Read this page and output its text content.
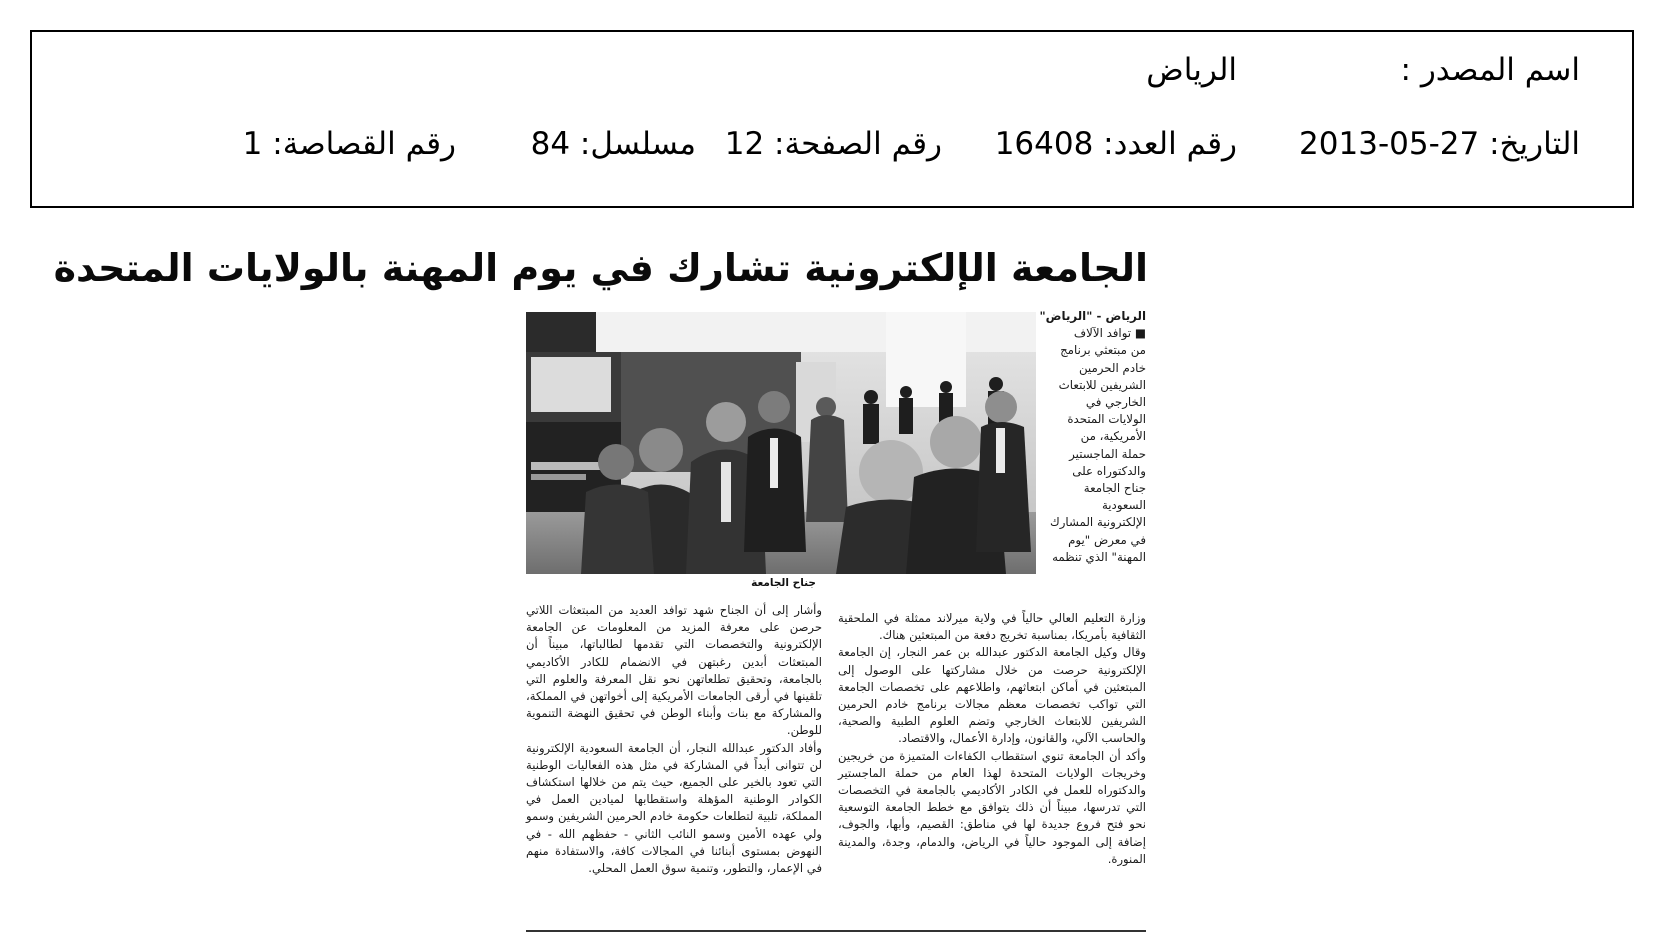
اسم المصدر :
الرياض
التاريخ: 27-05-2013
رقم العدد: 16408
رقم الصفحة: 12
مسلسل: 84
رقم القصاصة: 1
الجامعة الإلكترونية تشارك في يوم المهنة بالولايات المتحدة
جناح الجامعة
الرياض - "الرياض"
■ توافد الآلاف
من مبتعثي برنامج
خادم الحرمين
الشريفين للابتعاث
الخارجي في
الولايات المتحدة
الأمريكية، من
حملة الماجستير
والدكتوراه على
جناح الجامعة
السعودية
الإلكترونية المشارك
في معرض "يوم
المهنة" الذي تنظمه

وزارة التعليم العالي حالياً في ولاية ميرلاند ممثلة في الملحقية الثقافية بأمريكا، بمناسبة تخريج دفعة من المبتعثين هناك.

وقال وكيل الجامعة الدكتور عبدالله بن عمر النجار، إن الجامعة الإلكترونية حرصت من خلال مشاركتها على الوصول إلى المبتعثين في أماكن ابتعاثهم، واطلاعهم على تخصصات الجامعة التي تواكب تخصصات معظم مجالات برنامج خادم الحرمين الشريفين للابتعاث الخارجي وتضم العلوم الطبية والصحية، والحاسب الآلي، والقانون، وإدارة الأعمال، والاقتصاد.

وأكد أن الجامعة تنوي استقطاب الكفاءات المتميزة من خريجين وخريجات الولايات المتحدة لهذا العام من حملة الماجستير والدكتوراه للعمل في الكادر الأكاديمي بالجامعة في التخصصات التي تدرسها، مبيناً أن ذلك يتوافق مع خطط الجامعة التوسعية نحو فتح فروع جديدة لها في مناطق: القصيم، وأبها، والجوف، إضافة إلى الموجود حالياً في الرياض، والدمام، وجدة، والمدينة المنورة.

وأشار إلى أن الجناح شهد توافد العديد من المبتعثات اللاتي حرصن على معرفة المزيد من المعلومات عن الجامعة الإلكترونية والتخصصات التي تقدمها لطالباتها، مبيناً أن المبتعثات أبدين رغبتهن في الانضمام للكادر الأكاديمي بالجامعة، وتحقيق تطلعاتهن نحو نقل المعرفة والعلوم التي تلقينها في أرقى الجامعات الأمريكية إلى أخواتهن في المملكة، والمشاركة مع بنات وأبناء الوطن في تحقيق النهضة التنموية للوطن.

وأفاد الدكتور عبدالله النجار، أن الجامعة السعودية الإلكترونية لن تتوانى أبداً في المشاركة في مثل هذه الفعاليات الوطنية التي تعود بالخير على الجميع، حيث يتم من خلالها استكشاف الكوادر الوطنية المؤهلة واستقطابها لميادين العمل في المملكة، تلبية لتطلعات حكومة خادم الحرمين الشريفين وسمو ولي عهده الأمين وسمو النائب الثاني - حفظهم الله - في النهوض بمستوى أبنائنا في المجالات كافة، والاستفادة منهم في الإعمار، والتطور، وتنمية سوق العمل المحلي.
